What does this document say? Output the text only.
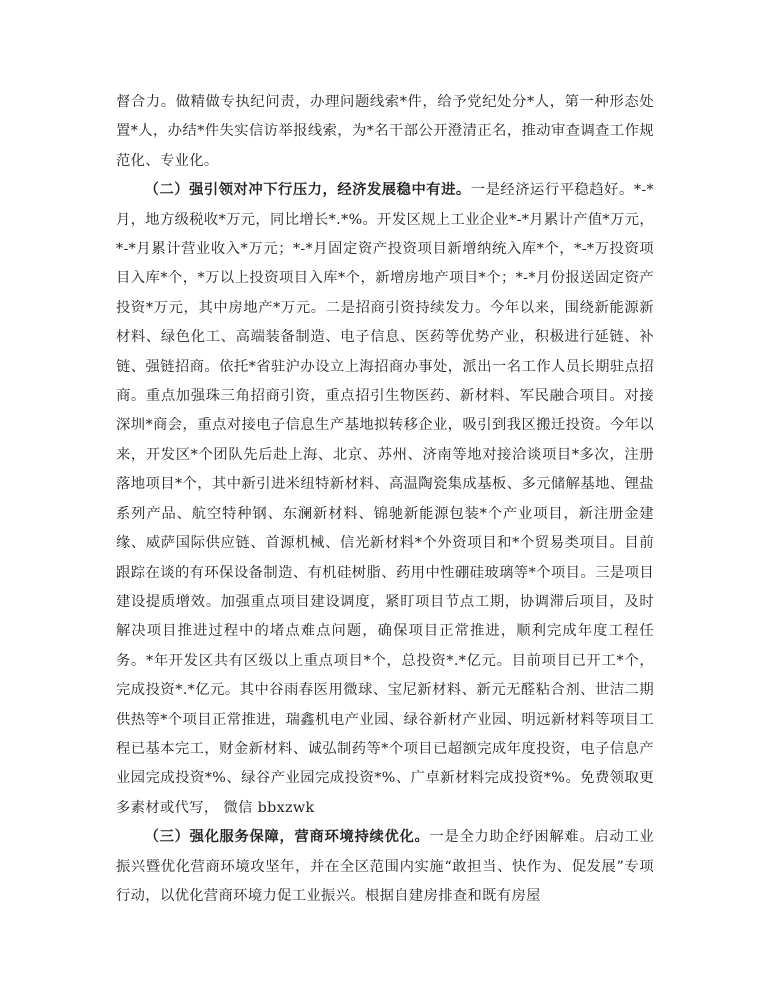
督合力。做精做专执纪问责，办理问题线索*件，给予党纪处分*人，第一种形态处置*人，办结*件失实信访举报线索，为*名干部公开澄清正名，推动审查调查工作规范化、专业化。

（二）强引领对冲下行压力，经济发展稳中有进。一是经济运行平稳趋好。*-*月，地方级税收*万元，同比增长*.*%。开发区规上工业企业*-*月累计产值*万元，*-*月累计营业收入*万元；*-*月固定资产投资项目新增纳统入库*个，*-*万投资项目入库*个，*万以上投资项目入库*个，新增房地产项目*个；*-*月份报送固定资产投资*万元，其中房地产*万元。二是招商引资持续发力。今年以来，围绕新能源新材料、绿色化工、高端装备制造、电子信息、医药等优势产业，积极进行延链、补链、强链招商。依托*省驻沪办设立上海招商办事处，派出一名工作人员长期驻点招商。重点加强珠三角招商引资，重点招引生物医药、新材料、军民融合项目。对接深圳*商会，重点对接电子信息生产基地拟转移企业，吸引到我区搬迁投资。今年以来，开发区*个团队先后赴上海、北京、苏州、济南等地对接洽谈项目*多次，注册落地项目*个，其中新引进米纽特新材料、高温陶瓷集成基板、多元储解基地、锂盐系列产品、航空特种钢、东澜新材料、锦驰新能源包装*个产业项目，新注册金建缘、威萨国际供应链、首源机械、信光新材料*个外资项目和*个贸易类项目。目前跟踪在谈的有环保设备制造、有机硅树脂、药用中性硼硅玻璃等*个项目。三是项目建设提质增效。加强重点项目建设调度，紧盯项目节点工期，协调滞后项目，及时解决项目推进过程中的堵点难点问题，确保项目正常推进，顺利完成年度工程任务。*年开发区共有区级以上重点项目*个，总投资*.*亿元。目前项目已开工*个，完成投资*.*亿元。其中谷雨春医用微球、宝尼新材料、新元无醛粘合剂、世洁二期供热等*个项目正常推进，瑞鑫机电产业园、绿谷新材产业园、明远新材料等项目工程已基本完工，财金新材料、诚弘制药等*个项目已超额完成年度投资，电子信息产业园完成投资*%、绿谷产业园完成投资*%、广卓新材料完成投资*%。免费领取更多素材或代写， 微信 bbxzwk

（三）强化服务保障，营商环境持续优化。一是全力助企纾困解难。启动工业振兴暨优化营商环境攻坚年，并在全区范围内实施“敢担当、快作为、促发展”专项行动，以优化营商环境力促工业振兴。根据自建房排查和既有房屋
